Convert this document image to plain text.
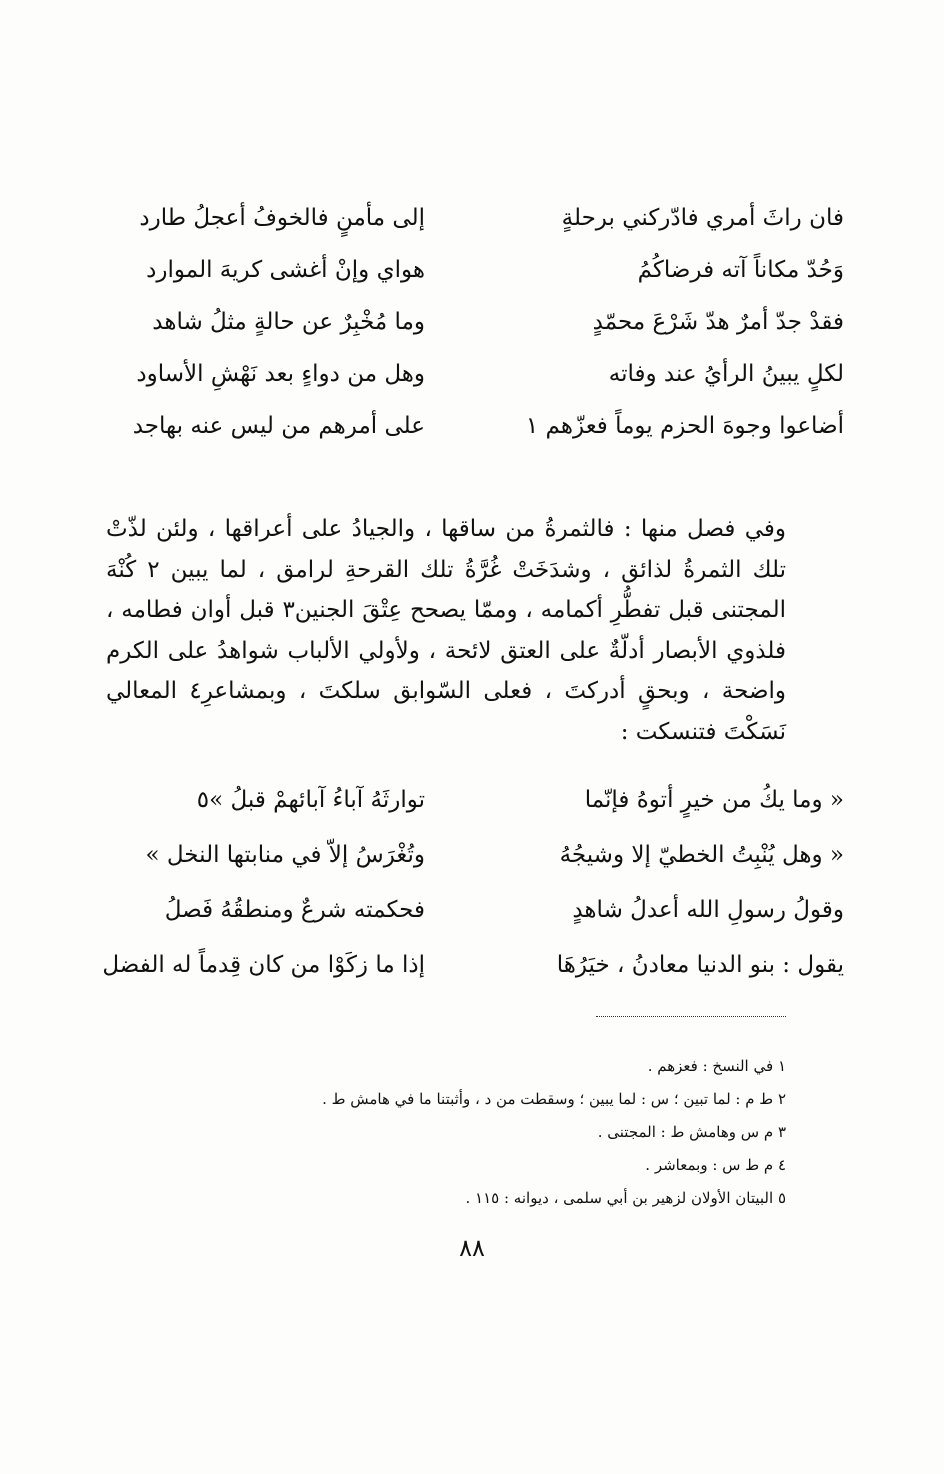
فان راثَ أمري فادّركني برحلةٍ
إلى مأمنٍ فالخوفُ أعجلُ طارد
وَحُدّ مكاناً آته فرضاكُمُ
هواي وإنْ أغشى كريهَ الموارد
فقدْ جدّ أمرٌ هدّ شَرْعَ محمّدٍ
وما مُخْبِرٌ عن حالةٍ مثلُ شاهد
لكلٍ يبينُ الرأيُ عند وفاته
وهل من دواءٍ بعد نَهْشِ الأساود
أضاعوا وجوهَ الحزم يوماً فعزّهم ١
على أمرهم من ليس عنه بهاجد

وفي فصل منها : فالثمرةُ من ساقها ، والجيادُ على أعراقها ، ولئن لذّتْ تلك الثمرةُ لذائق ، وشدَخَتْ غُرَّةُ تلك القرحةِ لرامق ، لما يبين ٢ كُنْهَ المجتنى قبل تفطُّرِ أكمامه ، وممّا يصحح عِتْقَ الجنين٣ قبل أوان فطامه ، فلذوي الأبصار أدلّةٌ على العتق لائحة ، ولأولي الألباب شواهدُ على الكرم واضحة ، وبحقٍ أدركتَ ، فعلى السّوابق سلكتَ ، وبمشاعرِ٤ المعالي نَسَكْتَ فتنسكت :

« وما يكُ من خيرٍ أتوهُ فإنّما
توارثَهُ آباءُ آبائهمْ قبلُ »٥
« وهل يُنْبِتُ الخطيّ إلا وشيجُهُ
وتُغْرَسُ إلاّ في منابتها النخل »
وقولُ رسولِ الله أعدلُ شاهدٍ
فحكمته شرعٌ ومنطقُهُ فَصلُ
يقول : بنو الدنيا معادنُ ، خيَرُهَا
إذا ما زكَوْا من كان قِدماً له الفضل
١ في النسخ : فعزهم .
٢ ط م : لما تبين ؛ س : لما يبين ؛ وسقطت من د ، وأثبتنا ما في هامش ط .
٣ م س وهامش ط : المجتنى .
٤ م ط س : وبمعاشر .
٥ البيتان الأولان لزهير بن أبي سلمى ، ديوانه : ١١٥ .
٨٨
